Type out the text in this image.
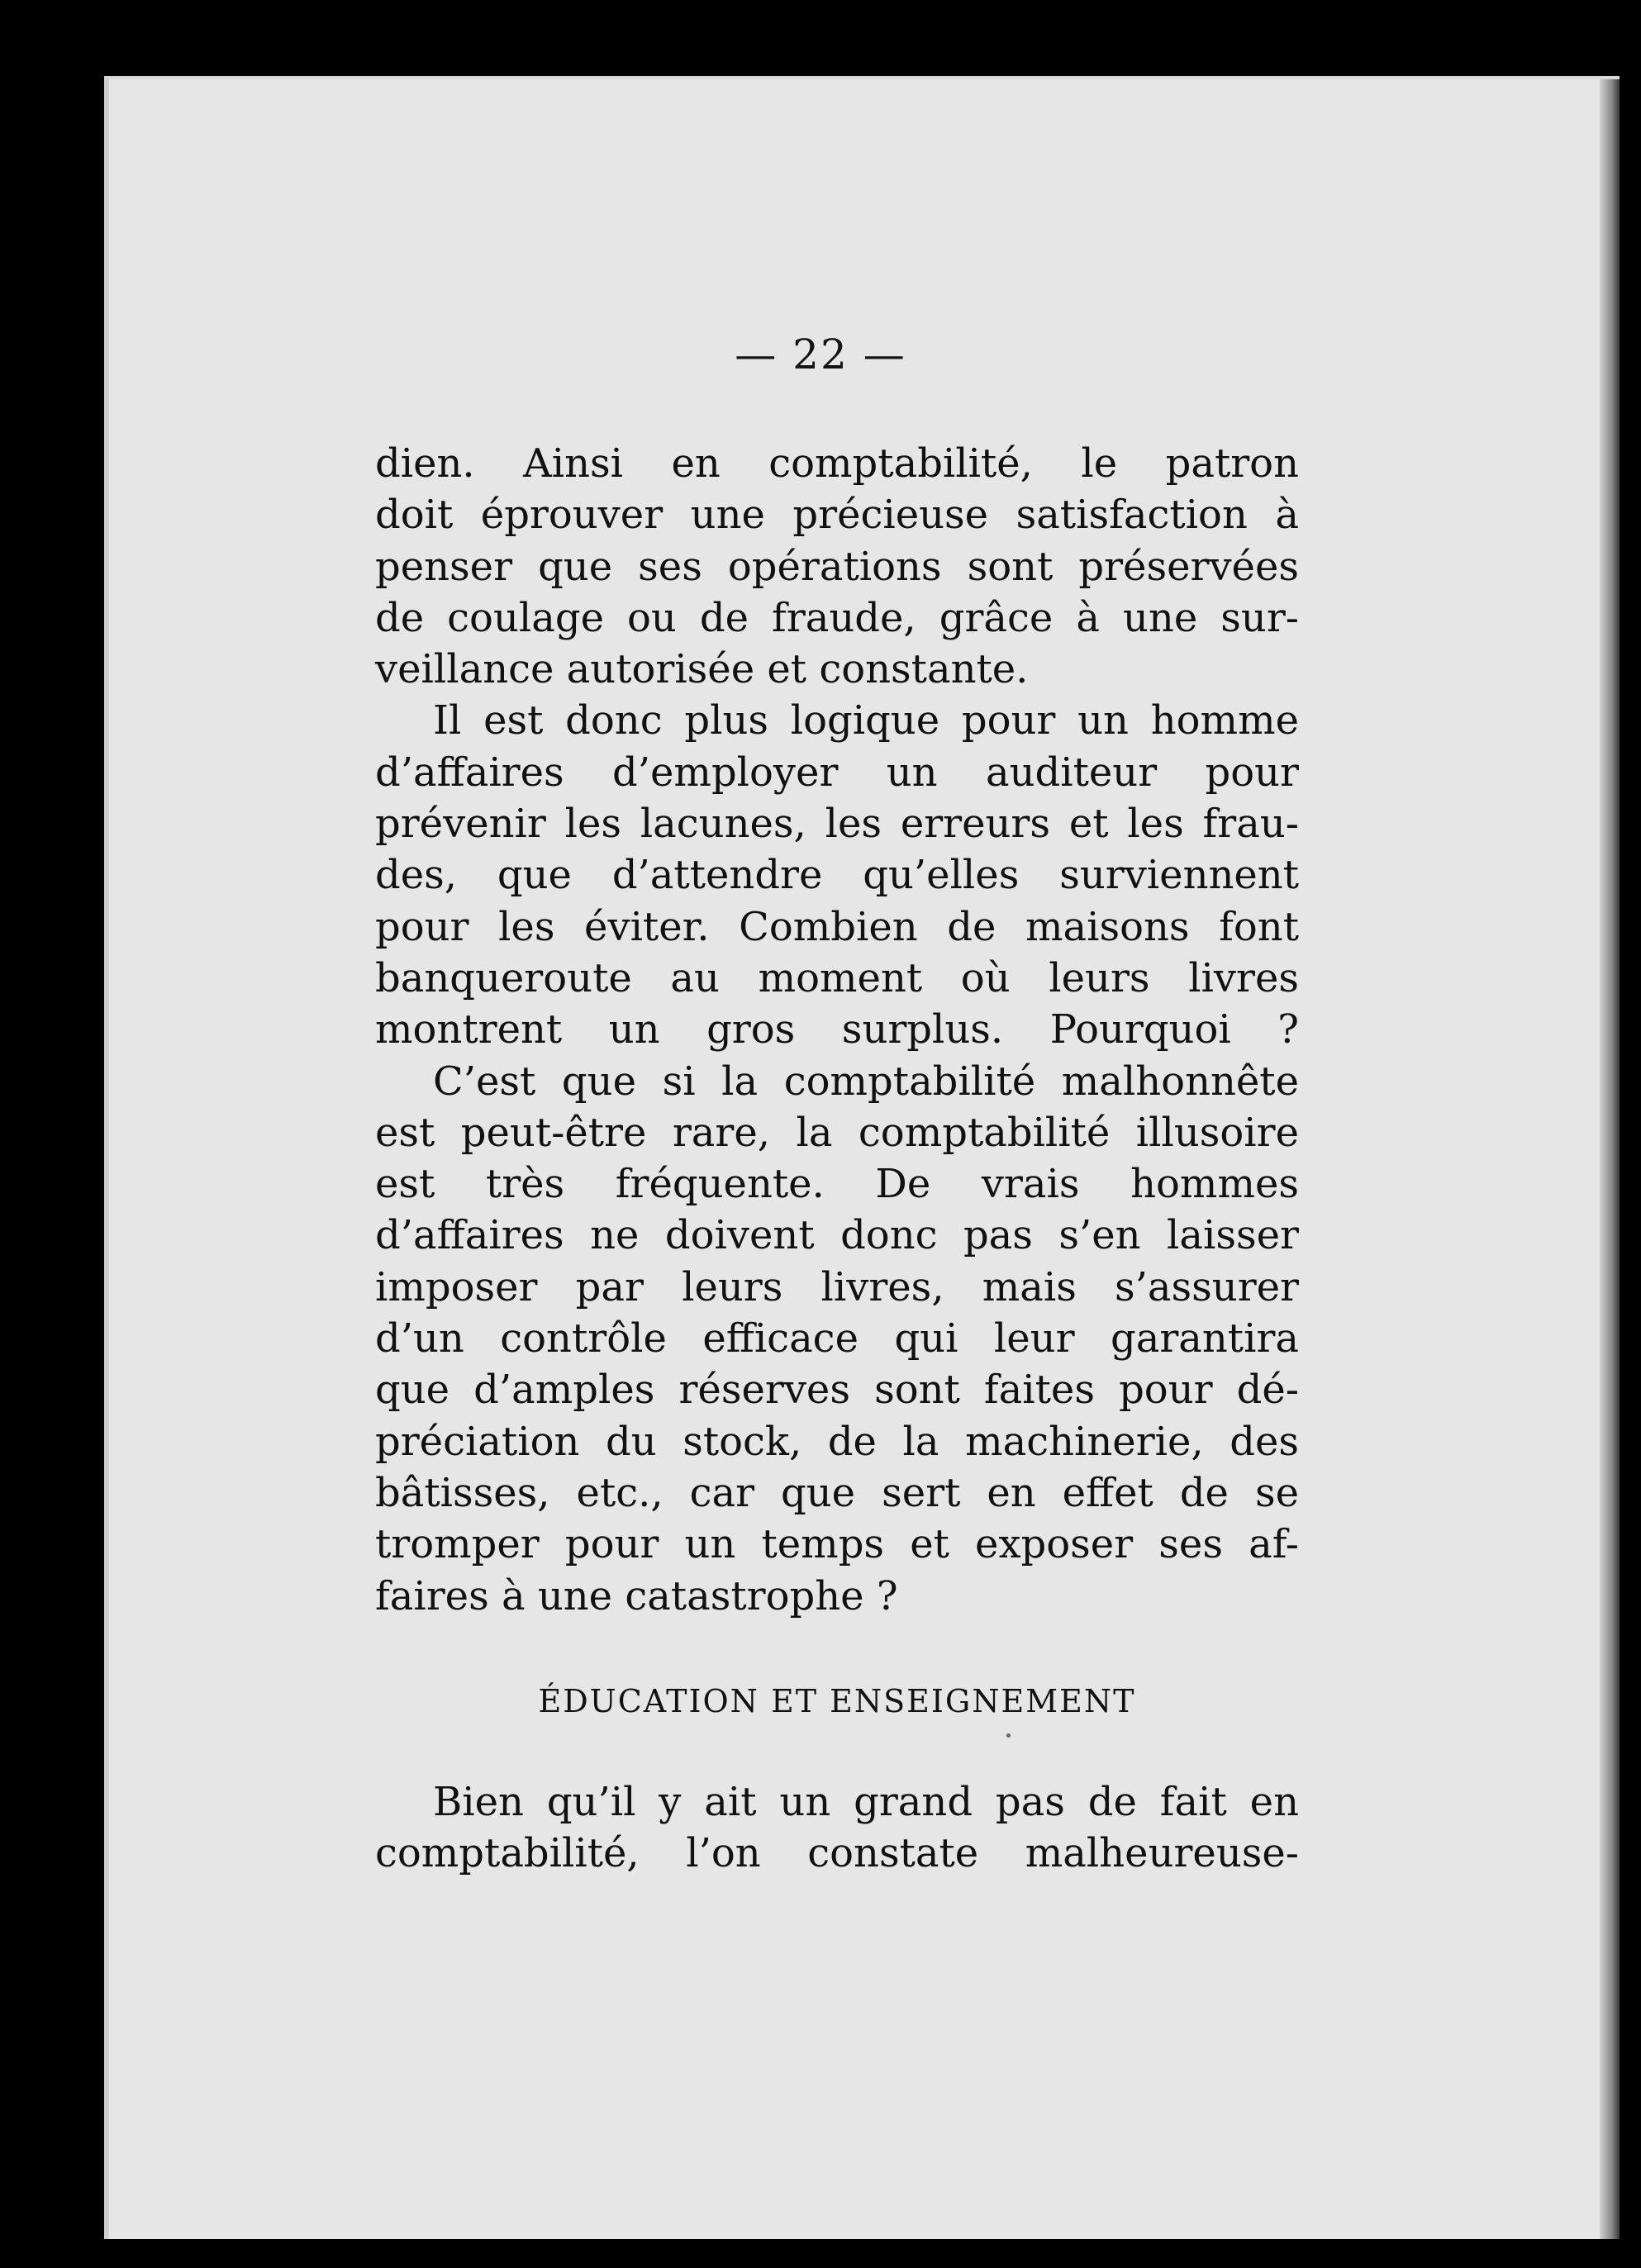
— 22 —
dien. Ainsi en comptabilité, le patron
doit éprouver une précieuse satisfaction à
penser que ses opérations sont préservées
de coulage ou de fraude, grâce à une sur-
veillance autorisée et constante.
Il est donc plus logique pour un homme
d’affaires d’employer un auditeur pour
prévenir les lacunes, les erreurs et les frau-
des, que d’attendre qu’elles surviennent
pour les éviter. Combien de maisons font
banqueroute au moment où leurs livres
montrent un gros surplus. Pourquoi ?
C’est que si la comptabilité malhonnête
est peut-être rare, la comptabilité illusoire
est très fréquente. De vrais hommes
d’affaires ne doivent donc pas s’en laisser
imposer par leurs livres, mais s’assurer
d’un contrôle efficace qui leur garantira
que d’amples réserves sont faites pour dé-
préciation du stock, de la machinerie, des
bâtisses, etc., car que sert en effet de se
tromper pour un temps et exposer ses af-
faires à une catastrophe ?
ÉDUCATION ET ENSEIGNEMENT
Bien qu’il y ait un grand pas de fait en
comptabilité, l’on constate malheureuse-
